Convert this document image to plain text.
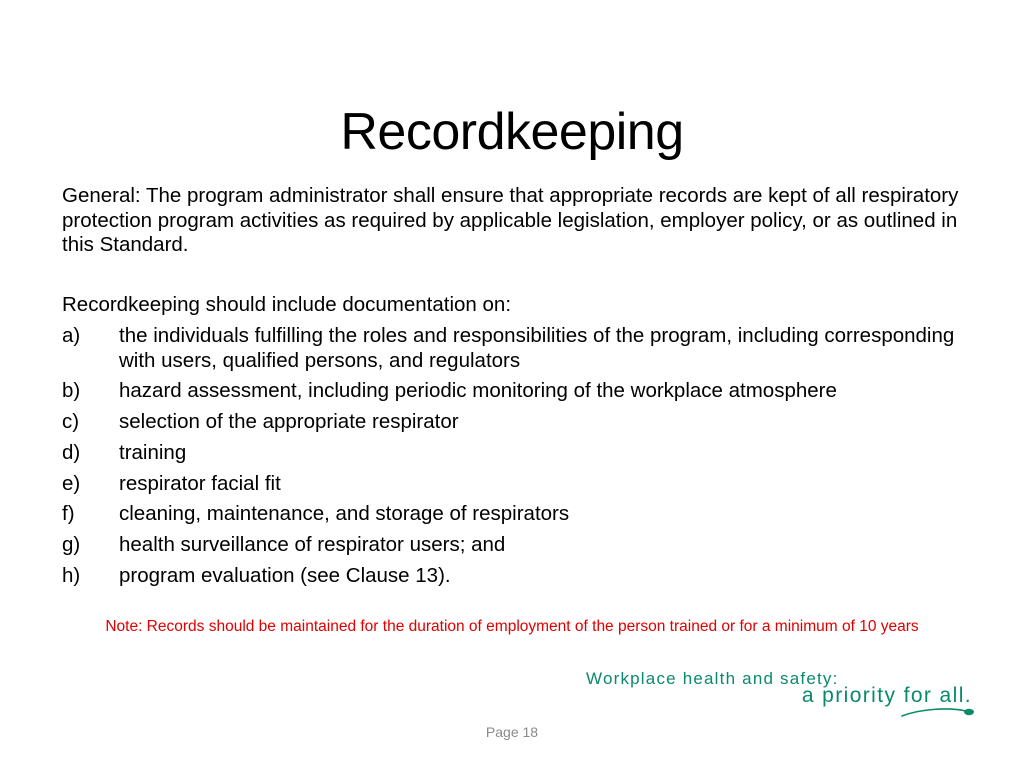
Recordkeeping
General: The program administrator shall ensure that appropriate records are kept of all respiratory protection program activities as required by applicable legislation, employer policy, or as outlined in this Standard.
Recordkeeping should include documentation on:
a)	the individuals fulfilling the roles and responsibilities of the program, including corresponding with users, qualified persons, and regulators
b)	hazard assessment, including periodic monitoring of the workplace atmosphere
c)	selection of the appropriate respirator
d)	training
e)	respirator facial fit
f)	cleaning, maintenance, and storage of respirators
g)	health surveillance of respirator users; and
h)	program evaluation (see Clause 13).
Note: Records should be maintained for the duration of employment of the person trained or for a minimum of 10 years
Workplace health and safety:
a priority for all.
Page 18
